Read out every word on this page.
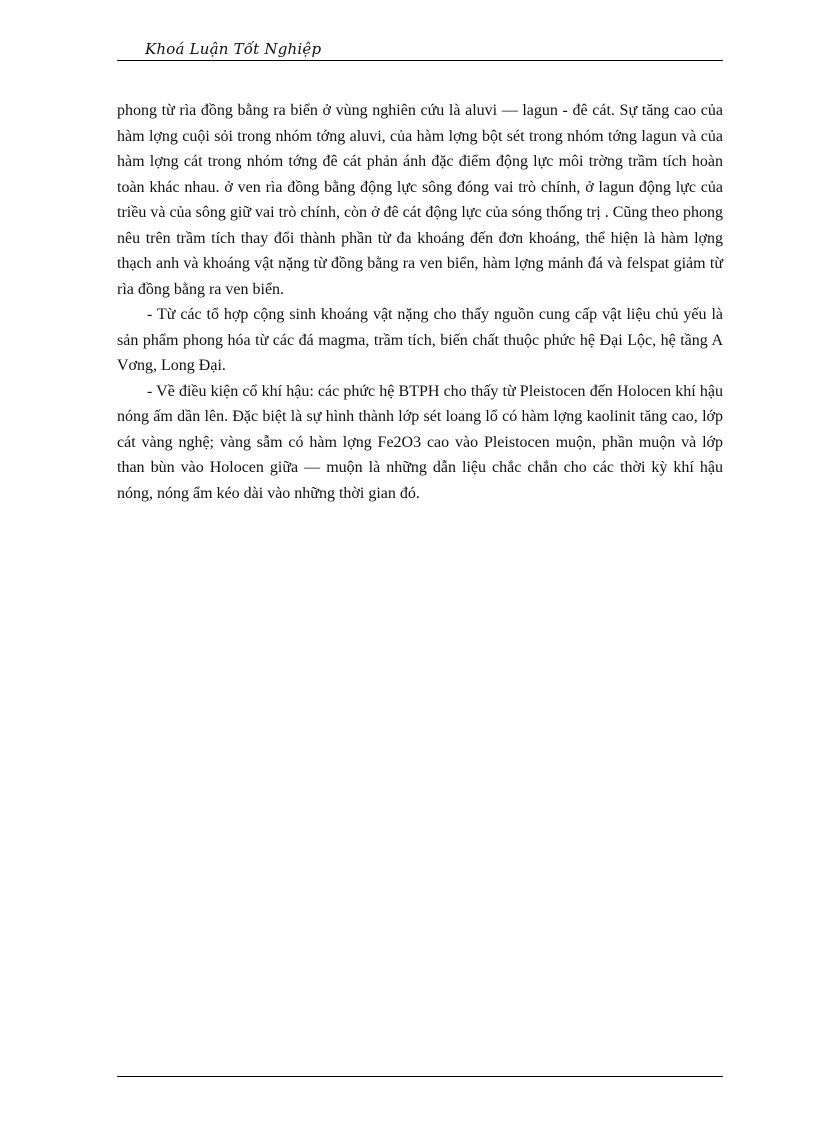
Khoá Luận Tốt Nghiệp

phong từ rìa đồng bằng ra biển ở vùng nghiên cứu là aluvi — lagun - đê cát. Sự tăng cao của hàm lợng cuội sỏi trong nhóm tớng aluvi, của hàm lợng bột sét trong nhóm tớng lagun và của hàm lợng cát trong nhóm tớng đê cát phản ánh đặc điểm động lực môi trờng trầm tích hoàn toàn khác nhau. ở ven rìa đồng bằng động lực sông đóng vai trò chính, ở lagun động lực của triều và của sông giữ vai trò chính, còn ở đê cát động lực của sóng thống trị . Cũng theo phong nêu trên trầm tích thay đổi thành phần từ đa khoáng đến đơn khoáng, thể hiện là hàm lợng thạch anh và khoáng vật nặng từ đồng bằng ra ven biển, hàm lợng mảnh đá và felspat giảm từ rìa đồng bằng ra ven biển.

- Từ các tổ hợp cộng sinh khoáng vật nặng cho thấy nguồn cung cấp vật liệu chủ yếu là sản phẩm phong hóa từ các đá magma, trầm tích, biến chất thuộc phức hệ Đại Lộc, hệ tầng A Vơng, Long Đại.

- Về điều kiện cổ khí hậu: các phức hệ BTPH cho thấy từ Pleistocen đến Holocen khí hậu nóng ấm dần lên. Đặc biệt là sự hình thành lớp sét loang lổ có hàm lợng kaolinit tăng cao, lớp cát vàng nghệ; vàng sẫm có hàm lợng Fe2O3 cao vào Pleistocen muộn, phần muộn và lớp than bùn vào Holocen giữa — muộn là những dẫn liệu chắc chắn cho các thời kỳ khí hậu nóng, nóng ẩm kéo dài vào những thời gian đó.
